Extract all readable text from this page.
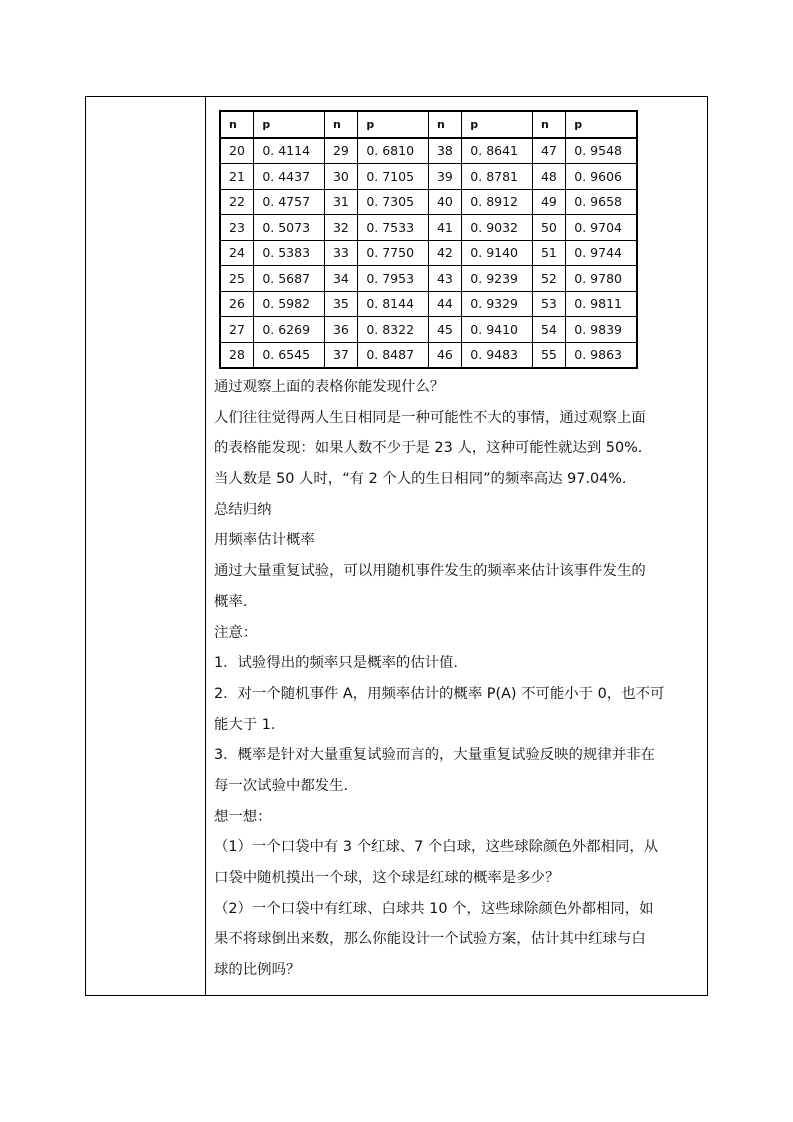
n	p	n	p	n	p	n	p
20	0. 4114	29	0. 6810	38	0. 8641	47	0. 9548
21	0. 4437	30	0. 7105	39	0. 8781	48	0. 9606
22	0. 4757	31	0. 7305	40	0. 8912	49	0. 9658
23	0. 5073	32	0. 7533	41	0. 9032	50	0. 9704
24	0. 5383	33	0. 7750	42	0. 9140	51	0. 9744
25	0. 5687	34	0. 7953	43	0. 9239	52	0. 9780
26	0. 5982	35	0. 8144	44	0. 9329	53	0. 9811
27	0. 6269	36	0. 8322	45	0. 9410	54	0. 9839
28	0. 6545	37	0. 8487	46	0. 9483	55	0. 9863
通过观察上面的表格你能发现什么？
人们往往觉得两人生日相同是一种可能性不大的事情，通过观察上面
的表格能发现：如果人数不少于是 23 人，这种可能性就达到 50%.
当人数是 50 人时，“有 2 个人的生日相同”的频率高达 97.04%.
总结归纳
用频率估计概率
通过大量重复试验，可以用随机事件发生的频率来估计该事件发生的
概率.
注意：
1．试验得出的频率只是概率的估计值.
2．对一个随机事件 A，用频率估计的概率 P(A) 不可能小于 0，也不可
能大于 1.
3．概率是针对大量重复试验而言的，大量重复试验反映的规律并非在
每一次试验中都发生.
想一想：
（1）一个口袋中有 3 个红球、7 个白球，这些球除颜色外都相同，从
口袋中随机摸出一个球，这个球是红球的概率是多少？
（2）一个口袋中有红球、白球共 10 个，这些球除颜色外都相同，如
果不将球倒出来数，那么你能设计一个试验方案，估计其中红球与白
球的比例吗？
